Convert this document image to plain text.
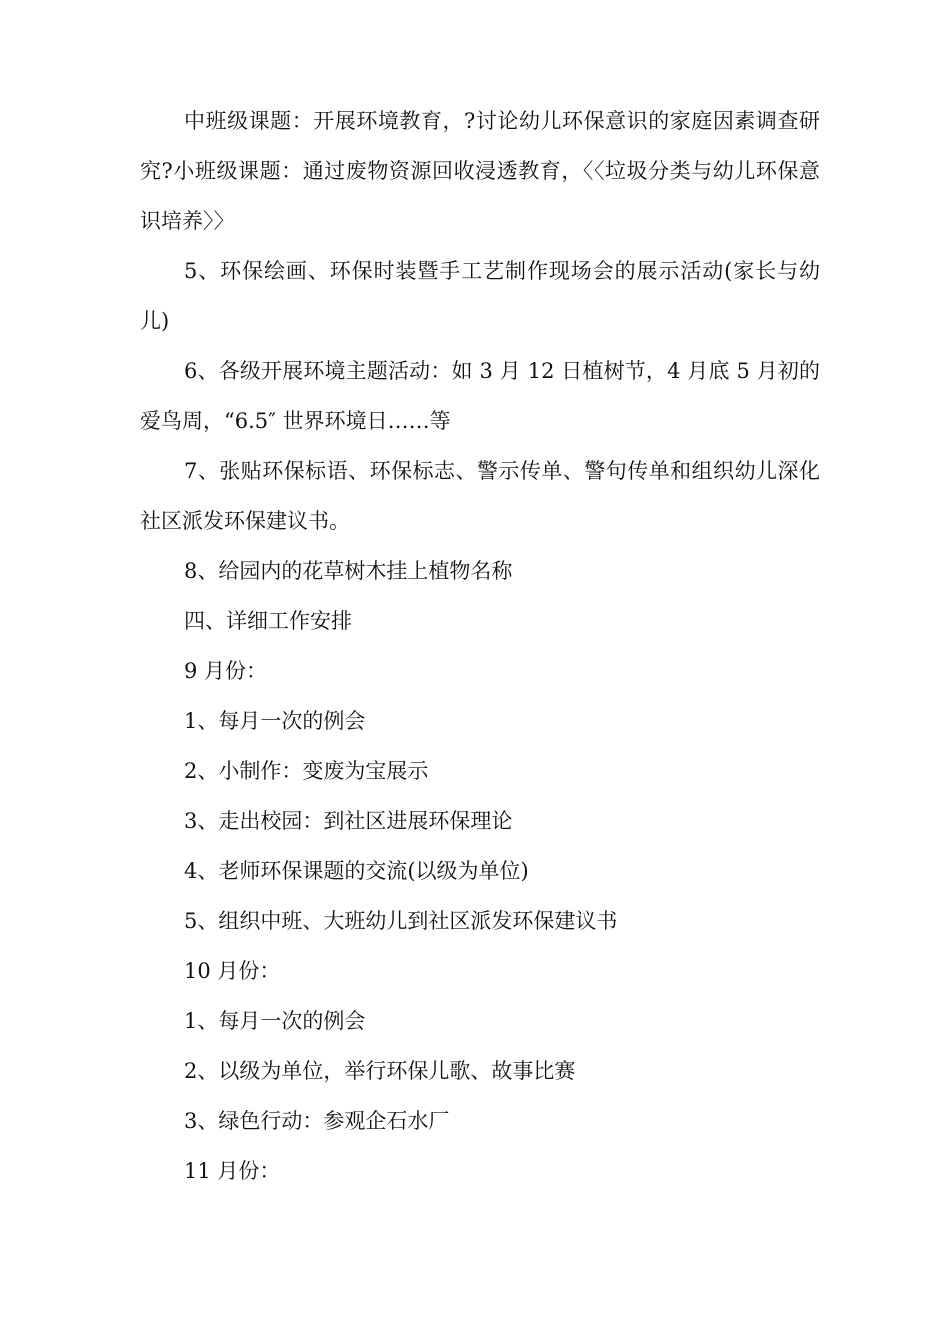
中班级课题：开展环境教育，?讨论幼儿环保意识的家庭因素调查研究?小班级课题：通过废物资源回收浸透教育，〈〈垃圾分类与幼儿环保意识培养〉〉

5、环保绘画、环保时装暨手工艺制作现场会的展示活动(家长与幼儿)

6、各级开展环境主题活动：如 3 月 12 日植树节，4 月底 5 月初的爱鸟周，“6.5″ 世界环境日……等

7、张贴环保标语、环保标志、警示传单、警句传单和组织幼儿深化社区派发环保建议书。

8、给园内的花草树木挂上植物名称

四、详细工作安排

9 月份：

1、每月一次的例会

2、小制作：变废为宝展示

3、走出校园：到社区进展环保理论

4、老师环保课题的交流(以级为单位)

5、组织中班、大班幼儿到社区派发环保建议书

10 月份：

1、每月一次的例会

2、以级为单位，举行环保儿歌、故事比赛

3、绿色行动：参观企石水厂

11 月份：
